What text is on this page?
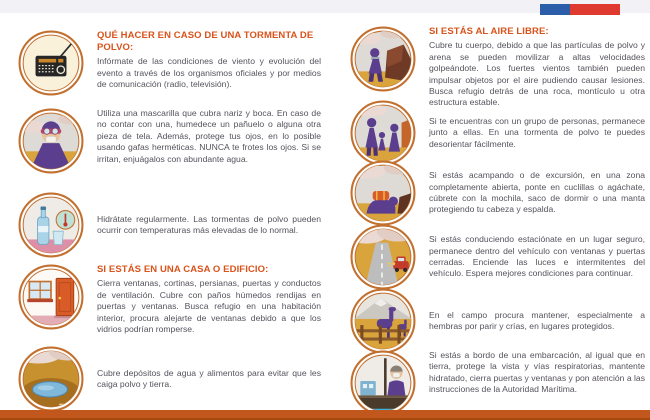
QUÉ HACER EN CASO DE UNA TORMENTA DE POLVO:

Infórmate de las condiciones de viento y evolución del evento a través de los organismos oficiales y por medios de comunicación (radio, televisión).

Utiliza una mascarilla que cubra nariz y boca. En caso de no contar con una, humedece un pañuelo o alguna otra pieza de tela. Además, protege tus ojos, en lo posible usando gafas herméticas. NUNCA te frotes los ojos. Si se irritan, enjuágalos con abundante agua.

Hidrátate regularmente. Las tormentas de polvo pueden ocurrir con temperaturas más elevadas de lo normal.

SI ESTÁS EN UNA CASA O EDIFICIO:

Cierra ventanas, cortinas, persianas, puertas y conductos de ventilación. Cubre con paños húmedos rendijas en puertas y ventanas. Busca refugio en una habitación interior, procura alejarte de ventanas debido a que los vidrios podrían romperse.

Cubre depósitos de agua y alimentos para evitar que les caiga polvo y tierra.

SI ESTÁS AL AIRE LIBRE:

Cubre tu cuerpo, debido a que las partículas de polvo y arena se pueden movilizar a altas velocidades golpeándote. Los fuertes vientos también pueden impulsar objetos por el aire pudiendo causar lesiones. Busca refugio detrás de una roca, montículo u otra estructura estable.

Si te encuentras con un grupo de personas, permanece junto a ellas. En una tormenta de polvo te puedes desorientar fácilmente.

Si estás acampando o de excursión, en una zona completamente abierta, ponte en cuclillas o agáchate, cúbrete con la mochila, saco de dormir o una manta protegiendo tu cabeza y espalda.

Si estás conduciendo estaciónate en un lugar seguro, permanece dentro del vehículo con ventanas y puertas cerradas. Enciende las luces e intermitentes del vehículo. Espera mejores condiciones para continuar.

En el campo procura mantener, especialmente a hembras por parir y crías, en lugares protegidos.

Si estás a bordo de una embarcación, al igual que en tierra, protege la vista y vías respiratorias, mantente hidratado, cierra puertas y ventanas y pon atención a las instrucciones de la Autoridad Marítima.
